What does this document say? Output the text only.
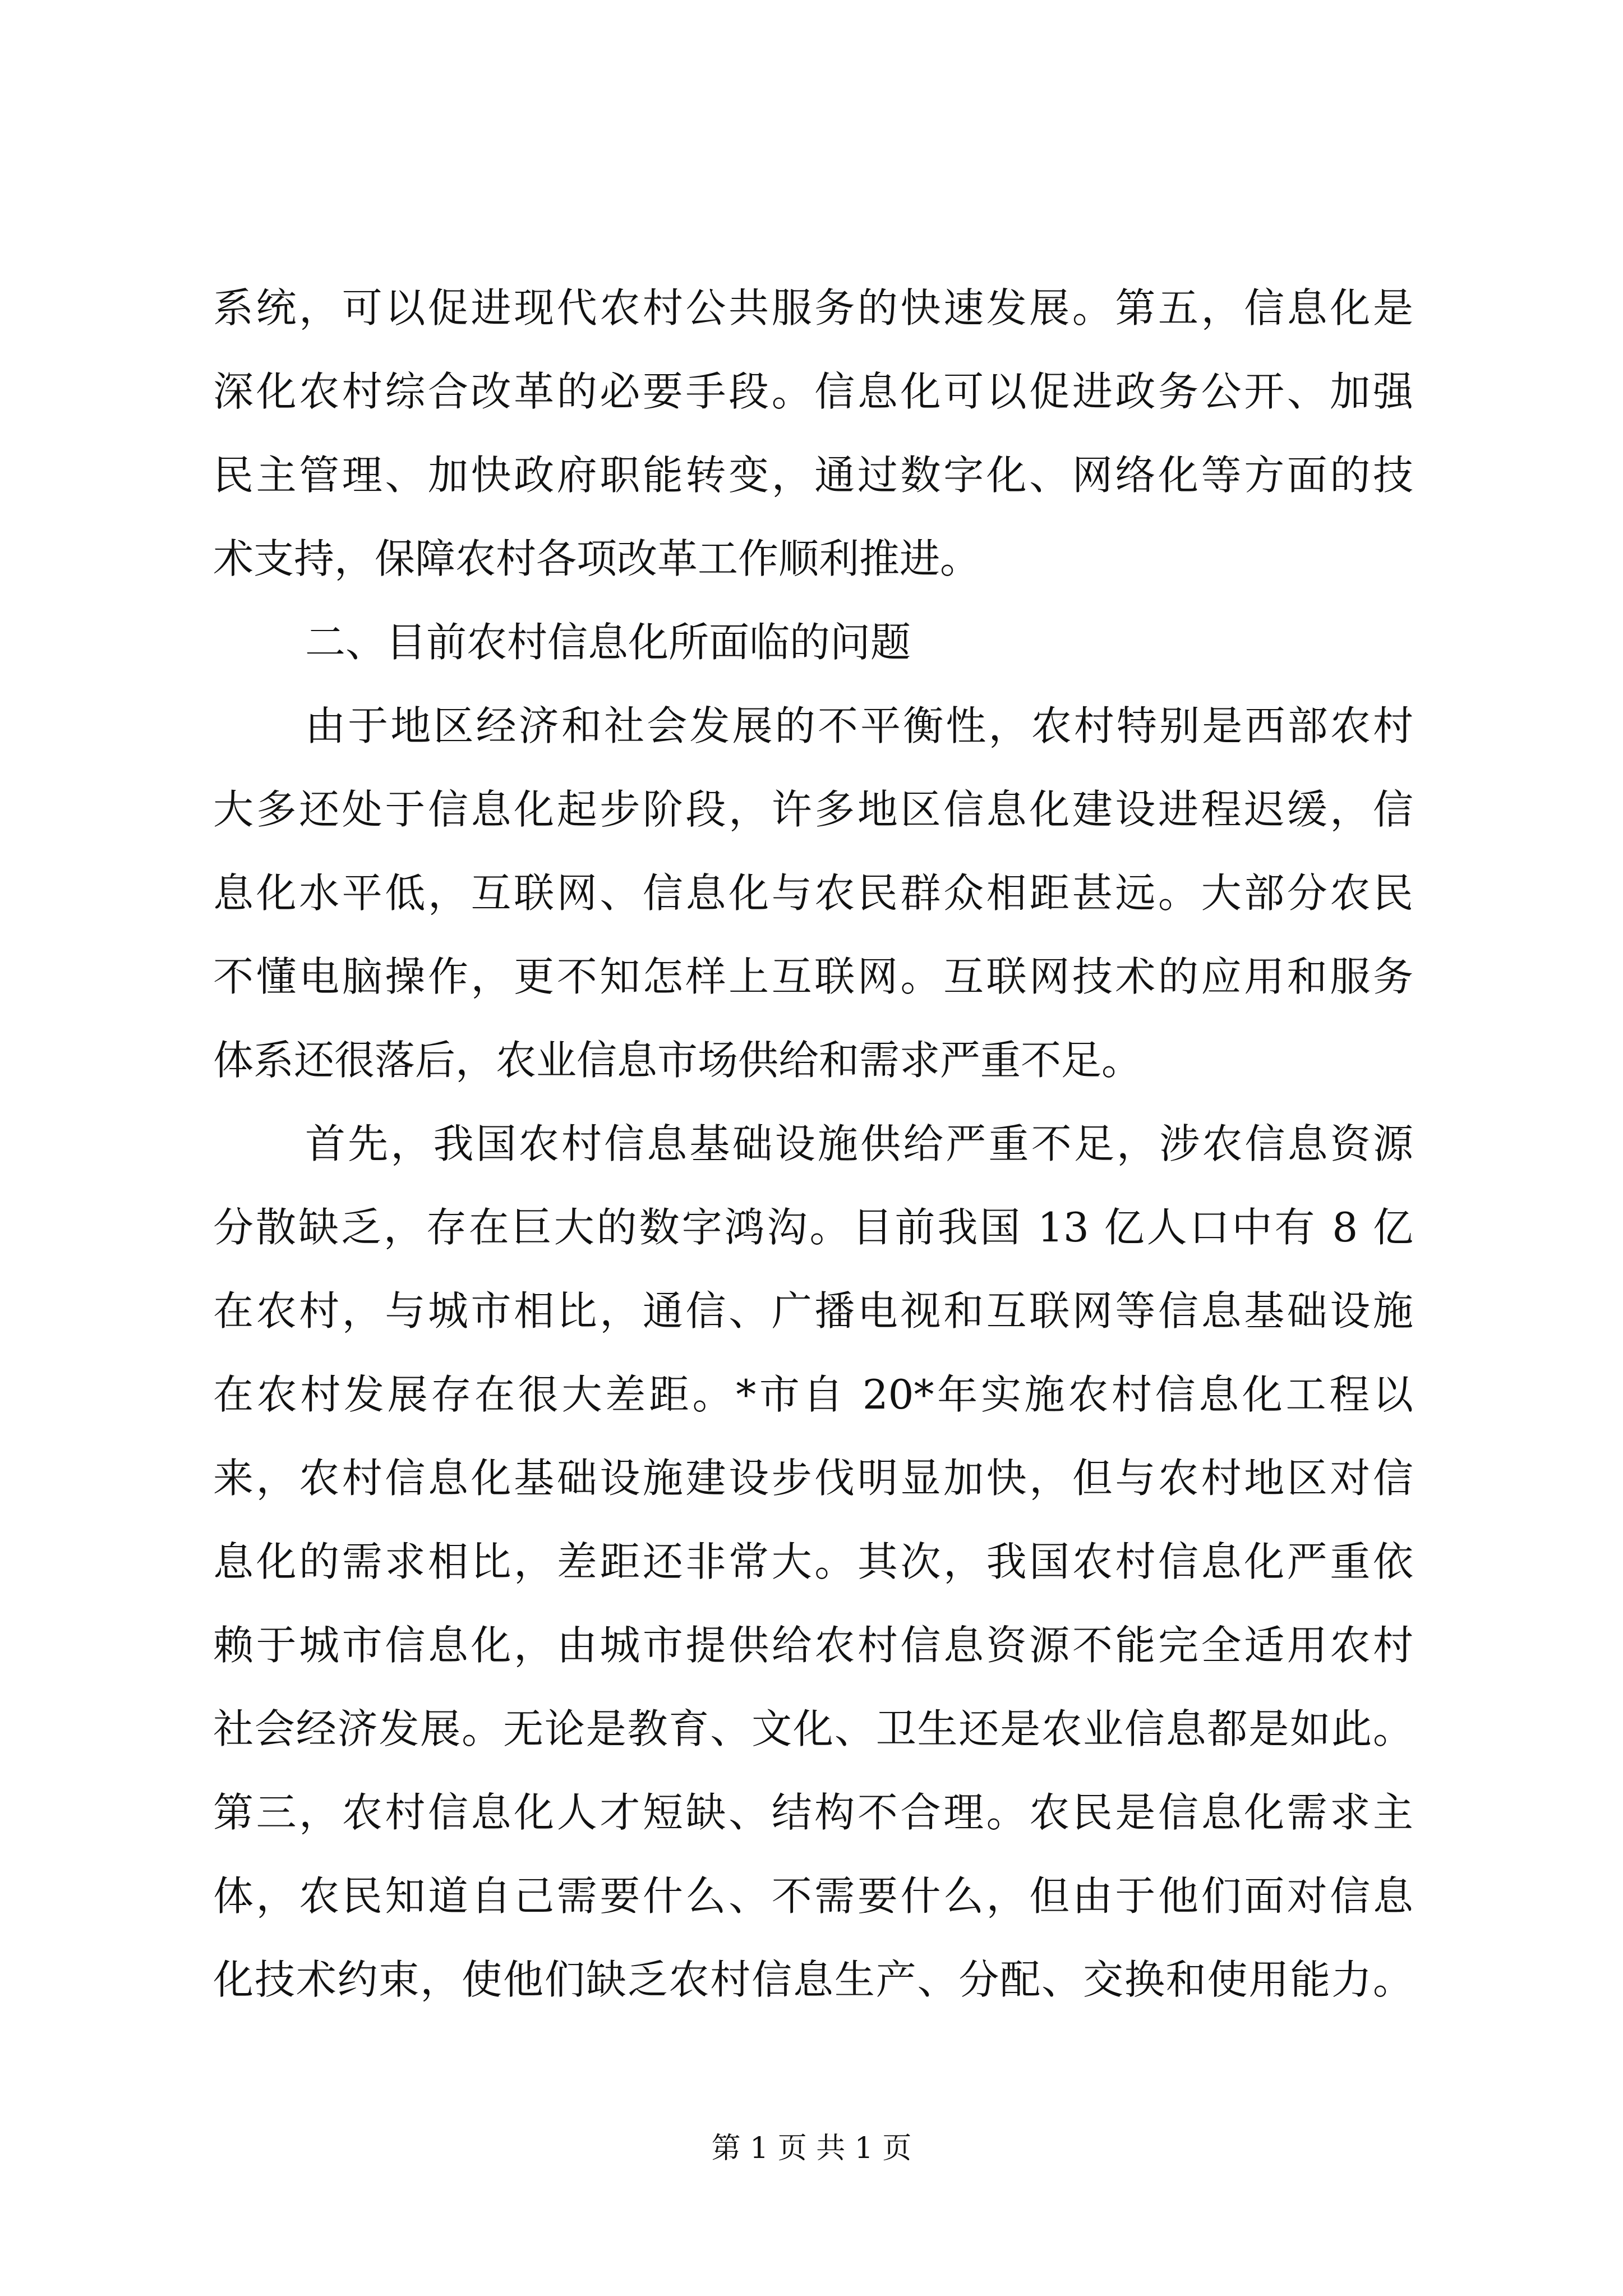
系统，可以促进现代农村公共服务的快速发展。第五，信息化是
深化农村综合改革的必要手段。信息化可以促进政务公开、加强
民主管理、加快政府职能转变，通过数字化、网络化等方面的技
术支持，保障农村各项改革工作顺利推进。
二、目前农村信息化所面临的问题
由于地区经济和社会发展的不平衡性，农村特别是西部农村
大多还处于信息化起步阶段，许多地区信息化建设进程迟缓，信
息化水平低，互联网、信息化与农民群众相距甚远。大部分农民
不懂电脑操作，更不知怎样上互联网。互联网技术的应用和服务
体系还很落后，农业信息市场供给和需求严重不足。
首先，我国农村信息基础设施供给严重不足，涉农信息资源
分散缺乏，存在巨大的数字鸿沟。目前我国 13 亿人口中有 8 亿
在农村，与城市相比，通信、广播电视和互联网等信息基础设施
在农村发展存在很大差距。*市自 20*年实施农村信息化工程以
来，农村信息化基础设施建设步伐明显加快，但与农村地区对信
息化的需求相比，差距还非常大。其次，我国农村信息化严重依
赖于城市信息化，由城市提供给农村信息资源不能完全适用农村
社会经济发展。无论是教育、文化、卫生还是农业信息都是如此。
第三，农村信息化人才短缺、结构不合理。农民是信息化需求主
体，农民知道自己需要什么、不需要什么，但由于他们面对信息
化技术约束，使他们缺乏农村信息生产、分配、交换和使用能力。
第 1 页 共 1 页
